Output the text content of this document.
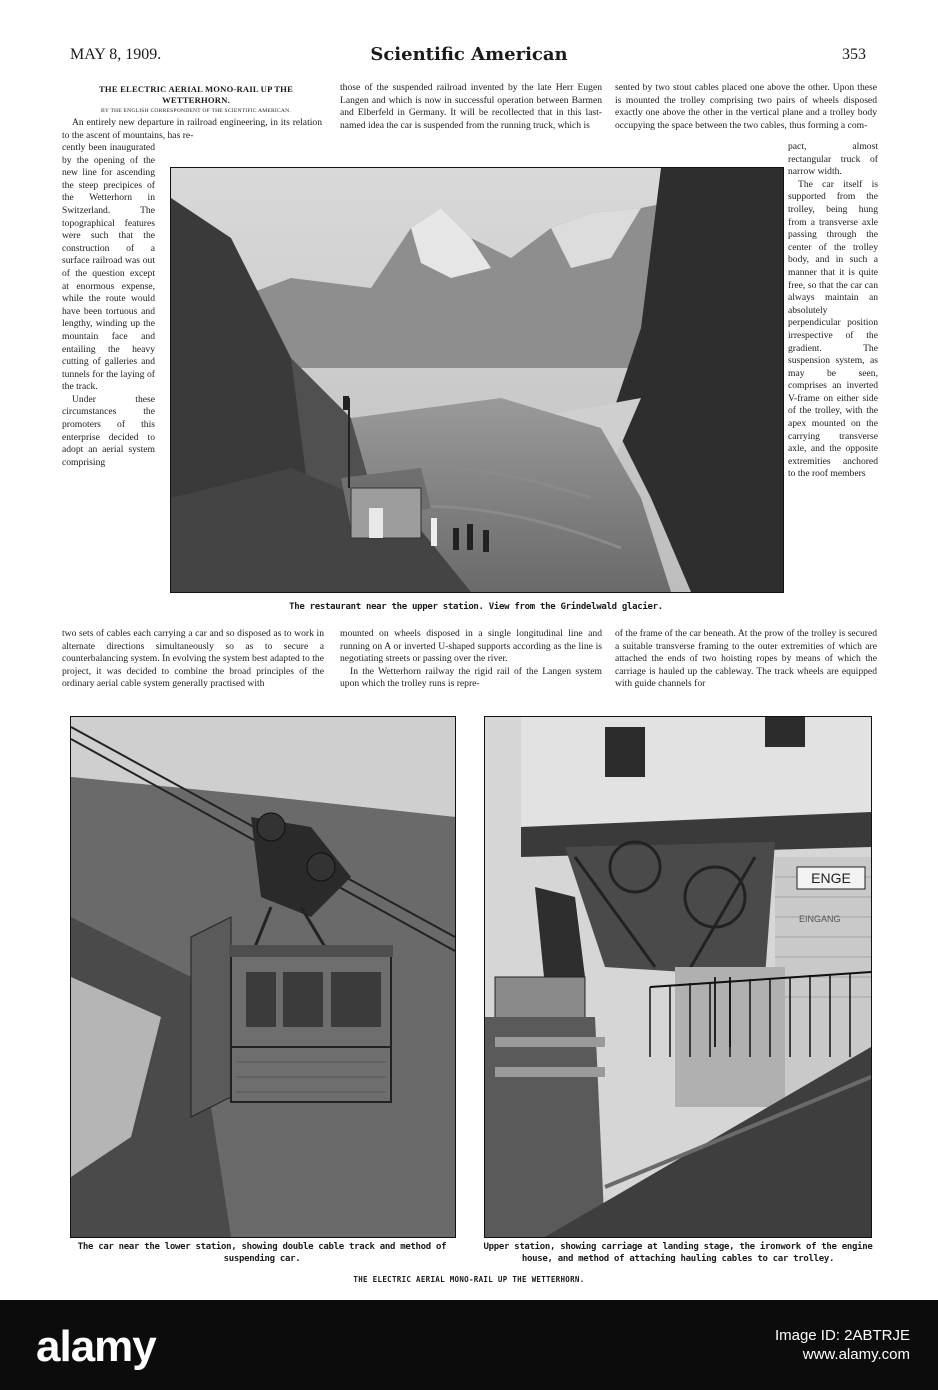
MAY 8, 1909.	Scientific American	353
THE ELECTRIC AERIAL MONO-RAIL UP THE WETTERHORN.
BY THE ENGLISH CORRESPONDENT OF THE SCIENTIFIC AMERICAN.

An entirely new departure in railroad engineering, in its relation to the ascent of mountains, has re-

cently been inaugurated by the opening of the new line for ascending the steep precipices of the Wetterhorn in Switzerland. The topographical features were such that the construction of a surface railroad was out of the question except at enormous expense, while the route would have been tortuous and lengthy, winding up the mountain face and entailing the heavy cutting of galleries and tunnels for the laying of the track.

Under these circumstances the promoters of this enterprise decided to adopt an aerial system comprising

those of the suspended railroad invented by the late Herr Eugen Langen and which is now in successful operation between Barmen and Elberfeld in Germany. It will be recollected that in this last-named idea the car is suspended from the running truck, which is

sented by two stout cables placed one above the other. Upon these is mounted the trolley comprising two pairs of wheels disposed exactly one above the other in the vertical plane and a trolley body occupying the space between the two cables, thus forming a com-

pact, almost rectangular truck of narrow width.

The car itself is supported from the trolley, being hung from a transverse axle passing through the center of the trolley body, and in such a manner that it is quite free, so that the car can always maintain an absolutely perpendicular position irrespective of the gradient. The suspension system, as may be seen, comprises an inverted V-frame on either side of the trolley, with the apex mounted on the carrying transverse axle, and the opposite extremities anchored to the roof members

The restaurant near the upper station. View from the Grindelwald glacier.

two sets of cables each carrying a car and so disposed as to work in alternate directions simultaneously so as to secure a counterbalancing system. In evolving the system best adapted to the project, it was decided to combine the broad principles of the ordinary aerial cable system generally practised with

mounted on wheels disposed in a single longitudinal line and running on A or inverted U-shaped supports according as the line is negotiating streets or passing over the river.

In the Wetterhorn railway the rigid rail of the Langen system upon which the trolley runs is repre-

of the frame of the car beneath. At the prow of the trolley is secured a suitable transverse framing to the outer extremities of which are attached the ends of two hoisting ropes by means of which the carriage is hauled up the cableway. The track wheels are equipped with guide channels for

The car near the lower station, showing double cable track and method of suspending car.
ENGE
EINGANG
Upper station, showing carriage at landing stage, the ironwork of the engine house, and method of attaching hauling cables to car trolley.
THE ELECTRIC AERIAL MONO-RAIL UP THE WETTERHORN.
alamy	Image ID: 2ABTRJE
www.alamy.com
